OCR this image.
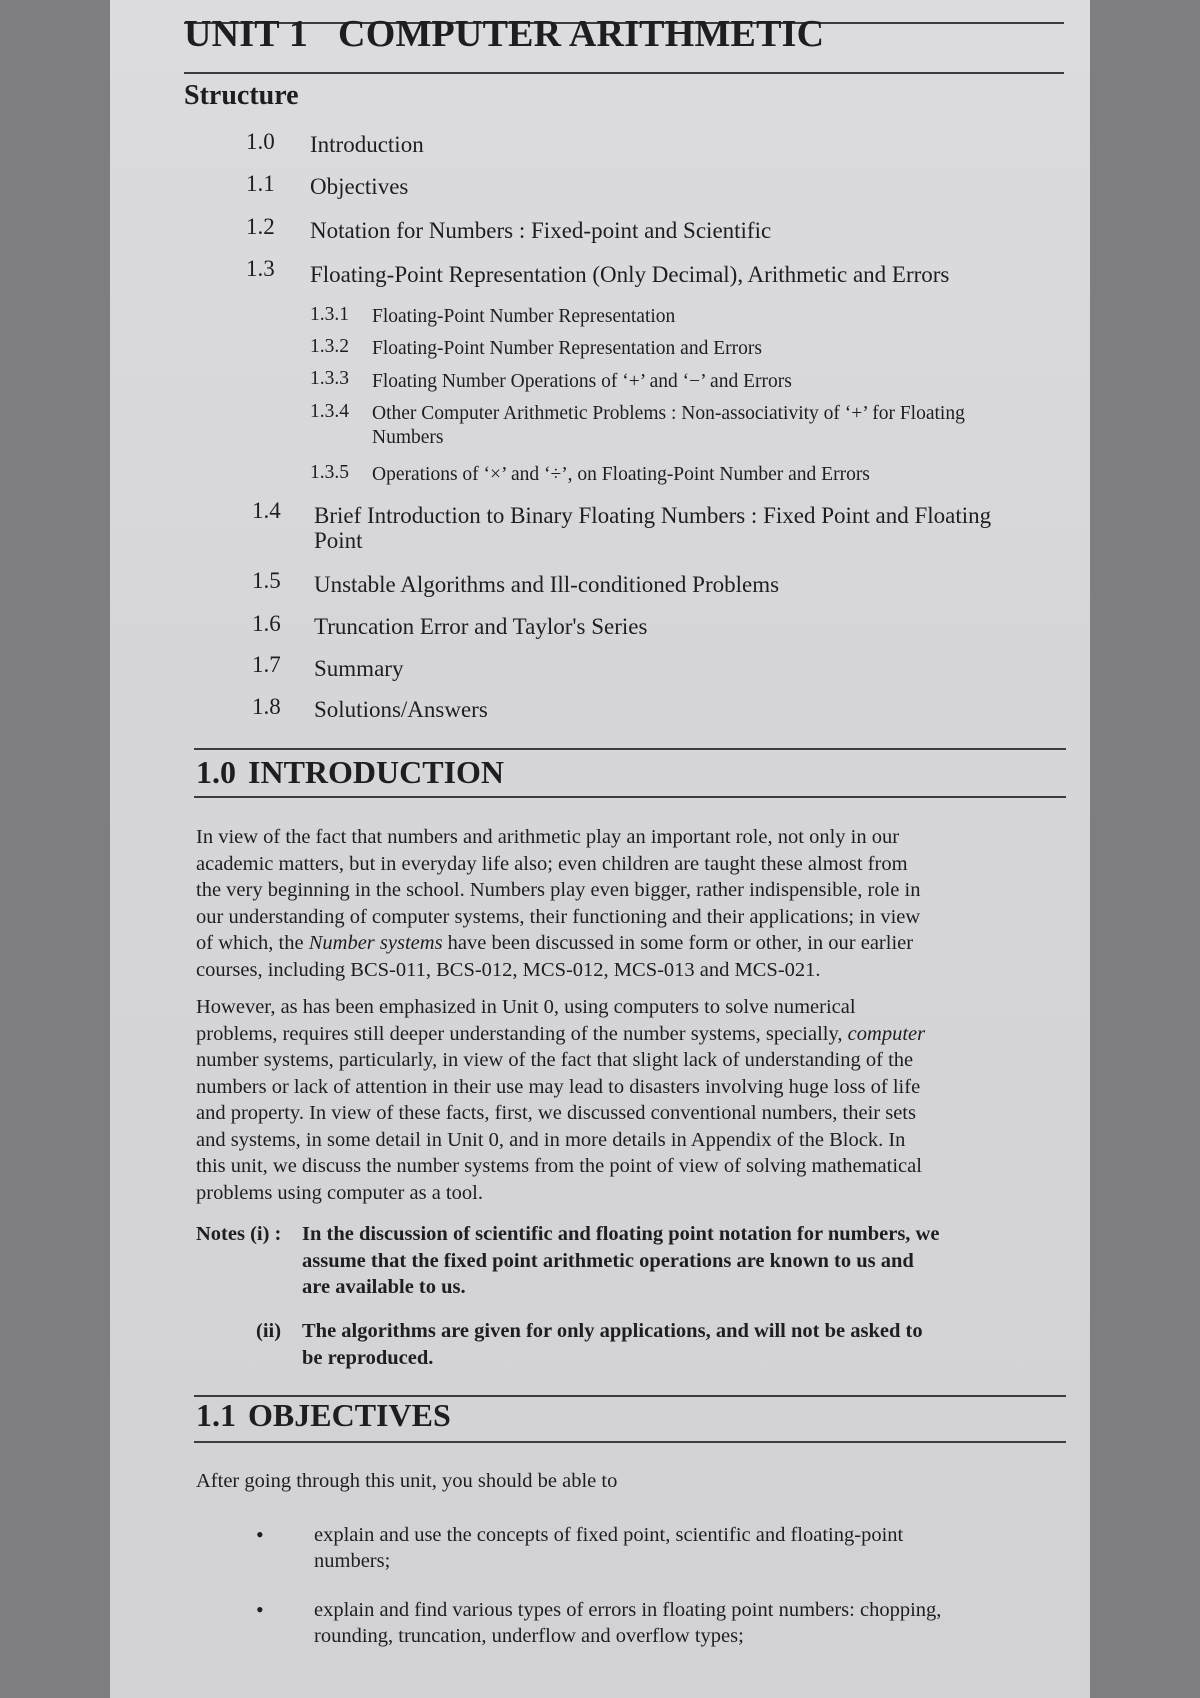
UNIT 1 COMPUTER ARITHMETIC
Structure
1.0 Introduction
1.1 Objectives
1.2 Notation for Numbers : Fixed-point and Scientific
1.3 Floating-Point Representation (Only Decimal), Arithmetic and Errors
1.3.1 Floating-Point Number Representation
1.3.2 Floating-Point Number Representation and Errors
1.3.3 Floating Number Operations of ‘+’ and ‘−’ and Errors
1.3.4 Other Computer Arithmetic Problems : Non-associativity of ‘+’ for Floating
Numbers
1.3.5 Operations of ‘×’ and ‘÷’, on Floating-Point Number and Errors
1.4 Brief Introduction to Binary Floating Numbers : Fixed Point and Floating
Point
1.5 Unstable Algorithms and Ill-conditioned Problems
1.6 Truncation Error and Taylor's Series
1.7 Summary
1.8 Solutions/Answers
1.0 INTRODUCTION
In view of the fact that numbers and arithmetic play an important role, not only in our
academic matters, but in everyday life also; even children are taught these almost from
the very beginning in the school. Numbers play even bigger, rather indispensible, role in
our understanding of computer systems, their functioning and their applications; in view
of which, the Number systems have been discussed in some form or other, in our earlier
courses, including BCS-011, BCS-012, MCS-012, MCS-013 and MCS-021.
However, as has been emphasized in Unit 0, using computers to solve numerical
problems, requires still deeper understanding of the number systems, specially, computer
number systems, particularly, in view of the fact that slight lack of understanding of the
numbers or lack of attention in their use may lead to disasters involving huge loss of life
and property. In view of these facts, first, we discussed conventional numbers, their sets
and systems, in some detail in Unit 0, and in more details in Appendix of the Block. In
this unit, we discuss the number systems from the point of view of solving mathematical
problems using computer as a tool.
Notes (i) : In the discussion of scientific and floating point notation for numbers, we
assume that the fixed point arithmetic operations are known to us and
are available to us.
(ii) The algorithms are given for only applications, and will not be asked to
be reproduced.
1.1 OBJECTIVES
After going through this unit, you should be able to
• explain and use the concepts of fixed point, scientific and floating-point
numbers;
• explain and find various types of errors in floating point numbers: chopping,
rounding, truncation, underflow and overflow types;
